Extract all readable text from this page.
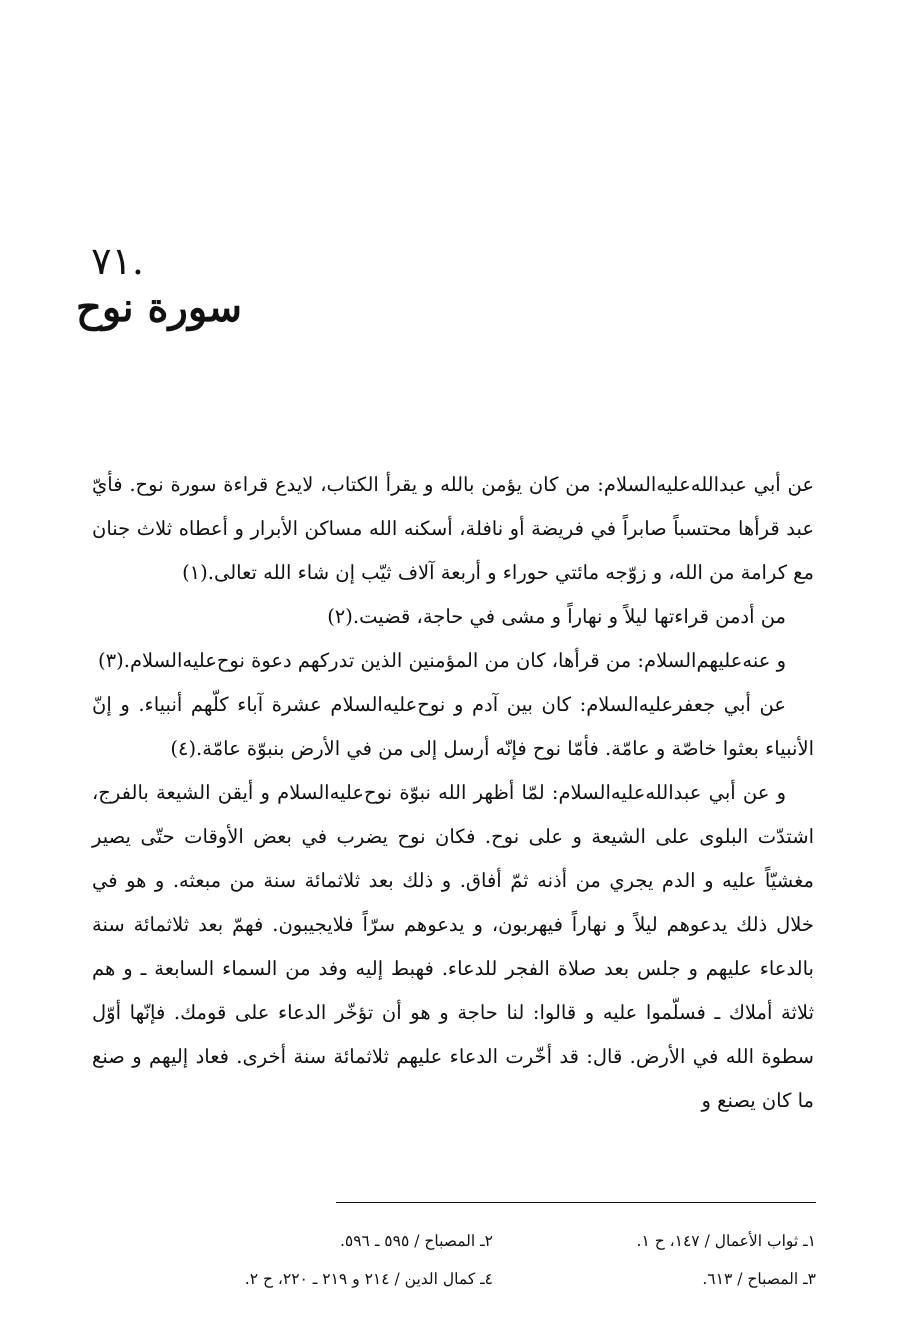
.٧١
سورة نوح

عن أبي عبدالله‌عليه‌السلام: من كان يؤمن بالله و يقرأ الكتاب، لايدع قراءة سورة نوح. فأيّ عبد قرأها محتسباً صابراً في فريضة أو نافلة، أسكنه الله مساكن الأبرار و أعطاه ثلاث جنان مع كرامة من الله، و زوّجه مائتي حوراء و أربعة آلاف ثيّب إن شاء الله تعالى.(١)

من أدمن قراءتها ليلاً و نهاراً و مشى في حاجة، قضيت.(٢)

و عنه‌عليهم‌السلام: من قرأها، كان من المؤمنين الذين تدركهم دعوة نوح‌عليه‌السلام.(٣)

عن أبي جعفر‌عليه‌السلام: كان بين آدم و نوح‌عليه‌السلام عشرة آباء كلّهم أنبياء. و إنّ الأنبياء بعثوا خاصّة و عامّة. فأمّا نوح فإنّه أرسل إلى من في الأرض بنبوّة عامّة.(٤)

و عن أبي عبدالله‌عليه‌السلام: لمّا أظهر الله نبوّة نوح‌عليه‌السلام و أيقن الشيعة بالفرج، اشتدّت البلوى على الشيعة و على نوح. فكان نوح يضرب في بعض الأوقات حتّى يصير مغشيّاً عليه و الدم يجري من أذنه ثمّ أفاق. و ذلك بعد ثلاثمائة سنة من مبعثه. و هو في خلال ذلك يدعوهم ليلاً و نهاراً فيهربون، و يدعوهم سرّاً فلايجيبون. فهمّ بعد ثلاثمائة سنة بالدعاء عليهم و جلس بعد صلاة الفجر للدعاء. فهبط إليه وفد من السماء السابعة ـ و هم ثلاثة أملاك ـ فسلّموا عليه و قالوا: لنا حاجة و هو أن تؤخّر الدعاء على قومك. فإنّها أوّل سطوة الله في الأرض. قال: قد أخّرت الدعاء عليهم ثلاثمائة سنة أخرى. فعاد إليهم و صنع ما كان يصنع و

١ـ ثواب الأعمال / ١٤٧، ح ١.
٢ـ المصباح / ٥٩٥ ـ ٥٩٦.
٣ـ المصباح / ٦١٣.
٤ـ كمال الدين / ٢١٤ و ٢١٩ ـ ٢٢٠، ح ٢.
